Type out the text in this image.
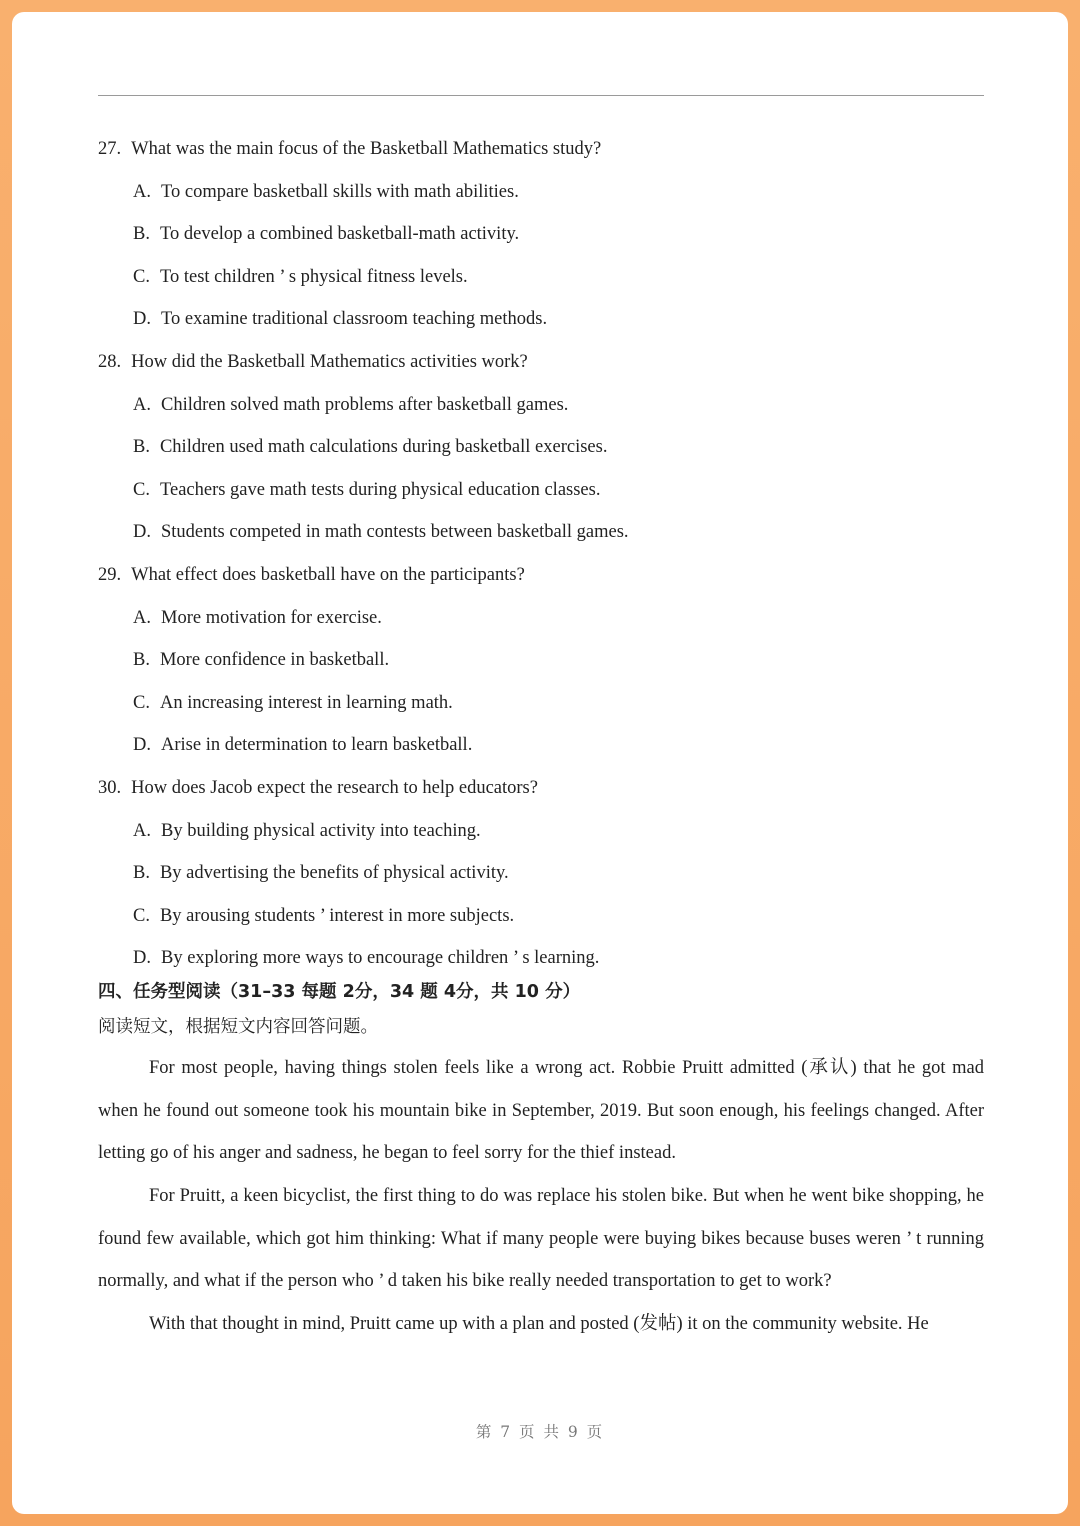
27. What was the main focus of the Basketball Mathematics study?
A. To compare basketball skills with math abilities.
B. To develop a combined basketball-math activity.
C. To test children ’ s physical fitness levels.
D. To examine traditional classroom teaching methods.
28. How did the Basketball Mathematics activities work?
A. Children solved math problems after basketball games.
B. Children used math calculations during basketball exercises.
C. Teachers gave math tests during physical education classes.
D. Students competed in math contests between basketball games.
29. What effect does basketball have on the participants?
A. More motivation for exercise.
B. More confidence in basketball.
C. An increasing interest in learning math.
D. Arise in determination to learn basketball.
30. How does Jacob expect the research to help educators?
A. By building physical activity into teaching.
B. By advertising the benefits of physical activity.
C. By arousing students ’ interest in more subjects.
D. By exploring more ways to encourage children ’ s learning.
四、任务型阅读（31–33 每题 2分，34 题 4分，共 10 分）
阅读短文，根据短文内容回答问题。

For most people, having things stolen feels like a wrong act. Robbie Pruitt admitted (承认) that he got mad when he found out someone took his mountain bike in September, 2019. But soon enough, his feelings changed. After letting go of his anger and sadness, he began to feel sorry for the thief instead.

For Pruitt, a keen bicyclist, the first thing to do was replace his stolen bike. But when he went bike shopping, he found few available, which got him thinking: What if many people were buying bikes because buses weren ’ t running normally, and what if the person who ’ d taken his bike really needed transportation to get to work?

With that thought in mind, Pruitt came up with a plan and posted (发帖) it on the community website. He

第 7 页 共 9 页
